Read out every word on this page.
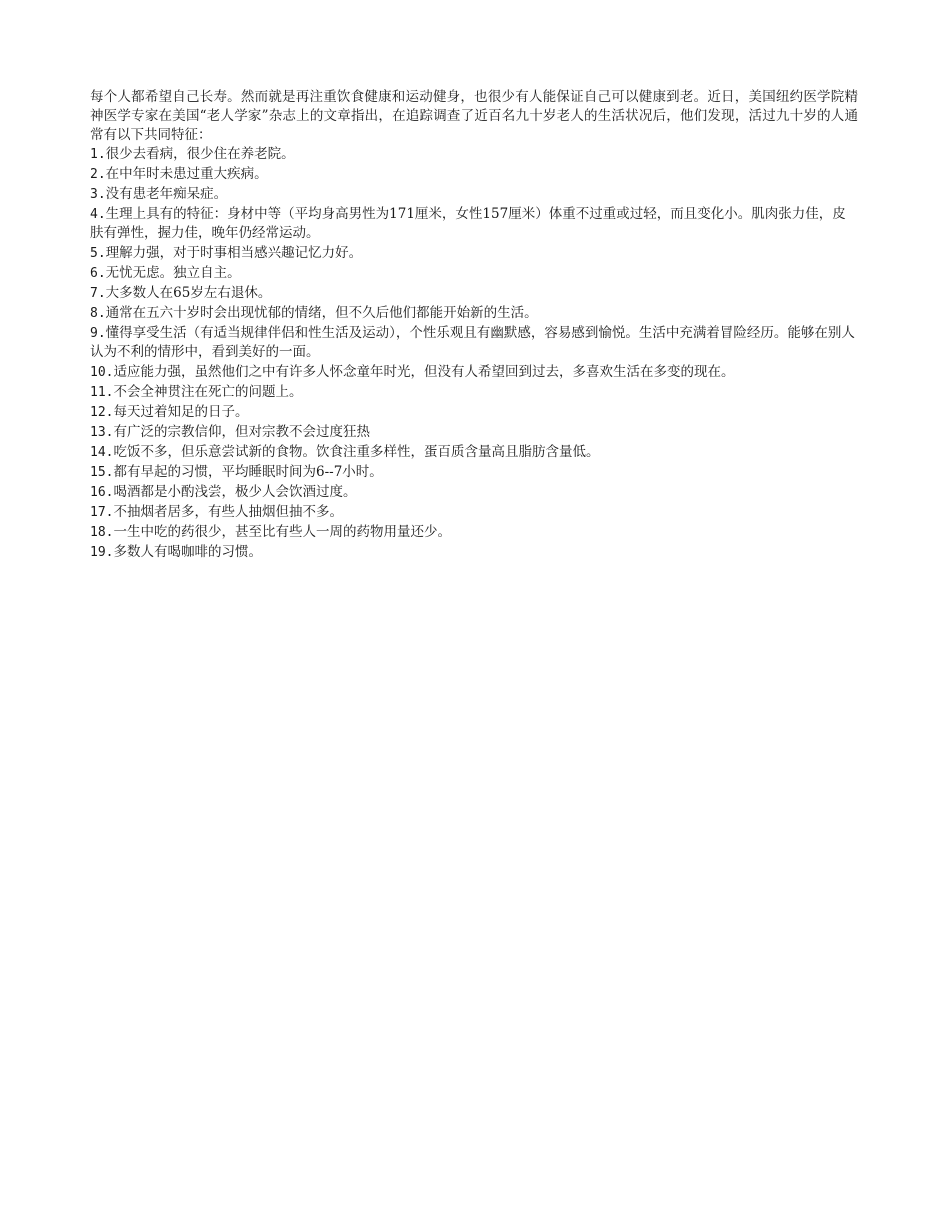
每个人都希望自己长寿。然而就是再注重饮食健康和运动健身，也很少有人能保证自己可以健康到老。近日，美国纽约医学院精神医学专家在美国“老人学家”杂志上的文章指出，在追踪调查了近百名九十岁老人的生活状况后，他们发现，活过九十岁的人通常有以下共同特征：

1.很少去看病，很少住在养老院。
2.在中年时未患过重大疾病。
3.没有患老年痴呆症。
4.生理上具有的特征：身材中等（平均身高男性为171厘米，女性157厘米）体重不过重或过轻，而且变化小。肌肉张力佳，皮肤有弹性，握力佳，晚年仍经常运动。
5.理解力强，对于时事相当感兴趣记忆力好。
6.无忧无虑。独立自主。
7.大多数人在65岁左右退休。
8.通常在五六十岁时会出现忧郁的情绪，但不久后他们都能开始新的生活。
9.懂得享受生活（有适当规律伴侣和性生活及运动），个性乐观且有幽默感，容易感到愉悦。生活中充满着冒险经历。能够在别人认为不利的情形中，看到美好的一面。
10.适应能力强，虽然他们之中有许多人怀念童年时光，但没有人希望回到过去，多喜欢生活在多变的现在。
11.不会全神贯注在死亡的问题上。
12.每天过着知足的日子。
13.有广泛的宗教信仰，但对宗教不会过度狂热
14.吃饭不多，但乐意尝试新的食物。饮食注重多样性，蛋百质含量高且脂肪含量低。
15.都有早起的习惯，平均睡眠时间为6--7小时。
16.喝酒都是小酌浅尝，极少人会饮酒过度。
17.不抽烟者居多，有些人抽烟但抽不多。
18.一生中吃的药很少，甚至比有些人一周的药物用量还少。
19.多数人有喝咖啡的习惯。
